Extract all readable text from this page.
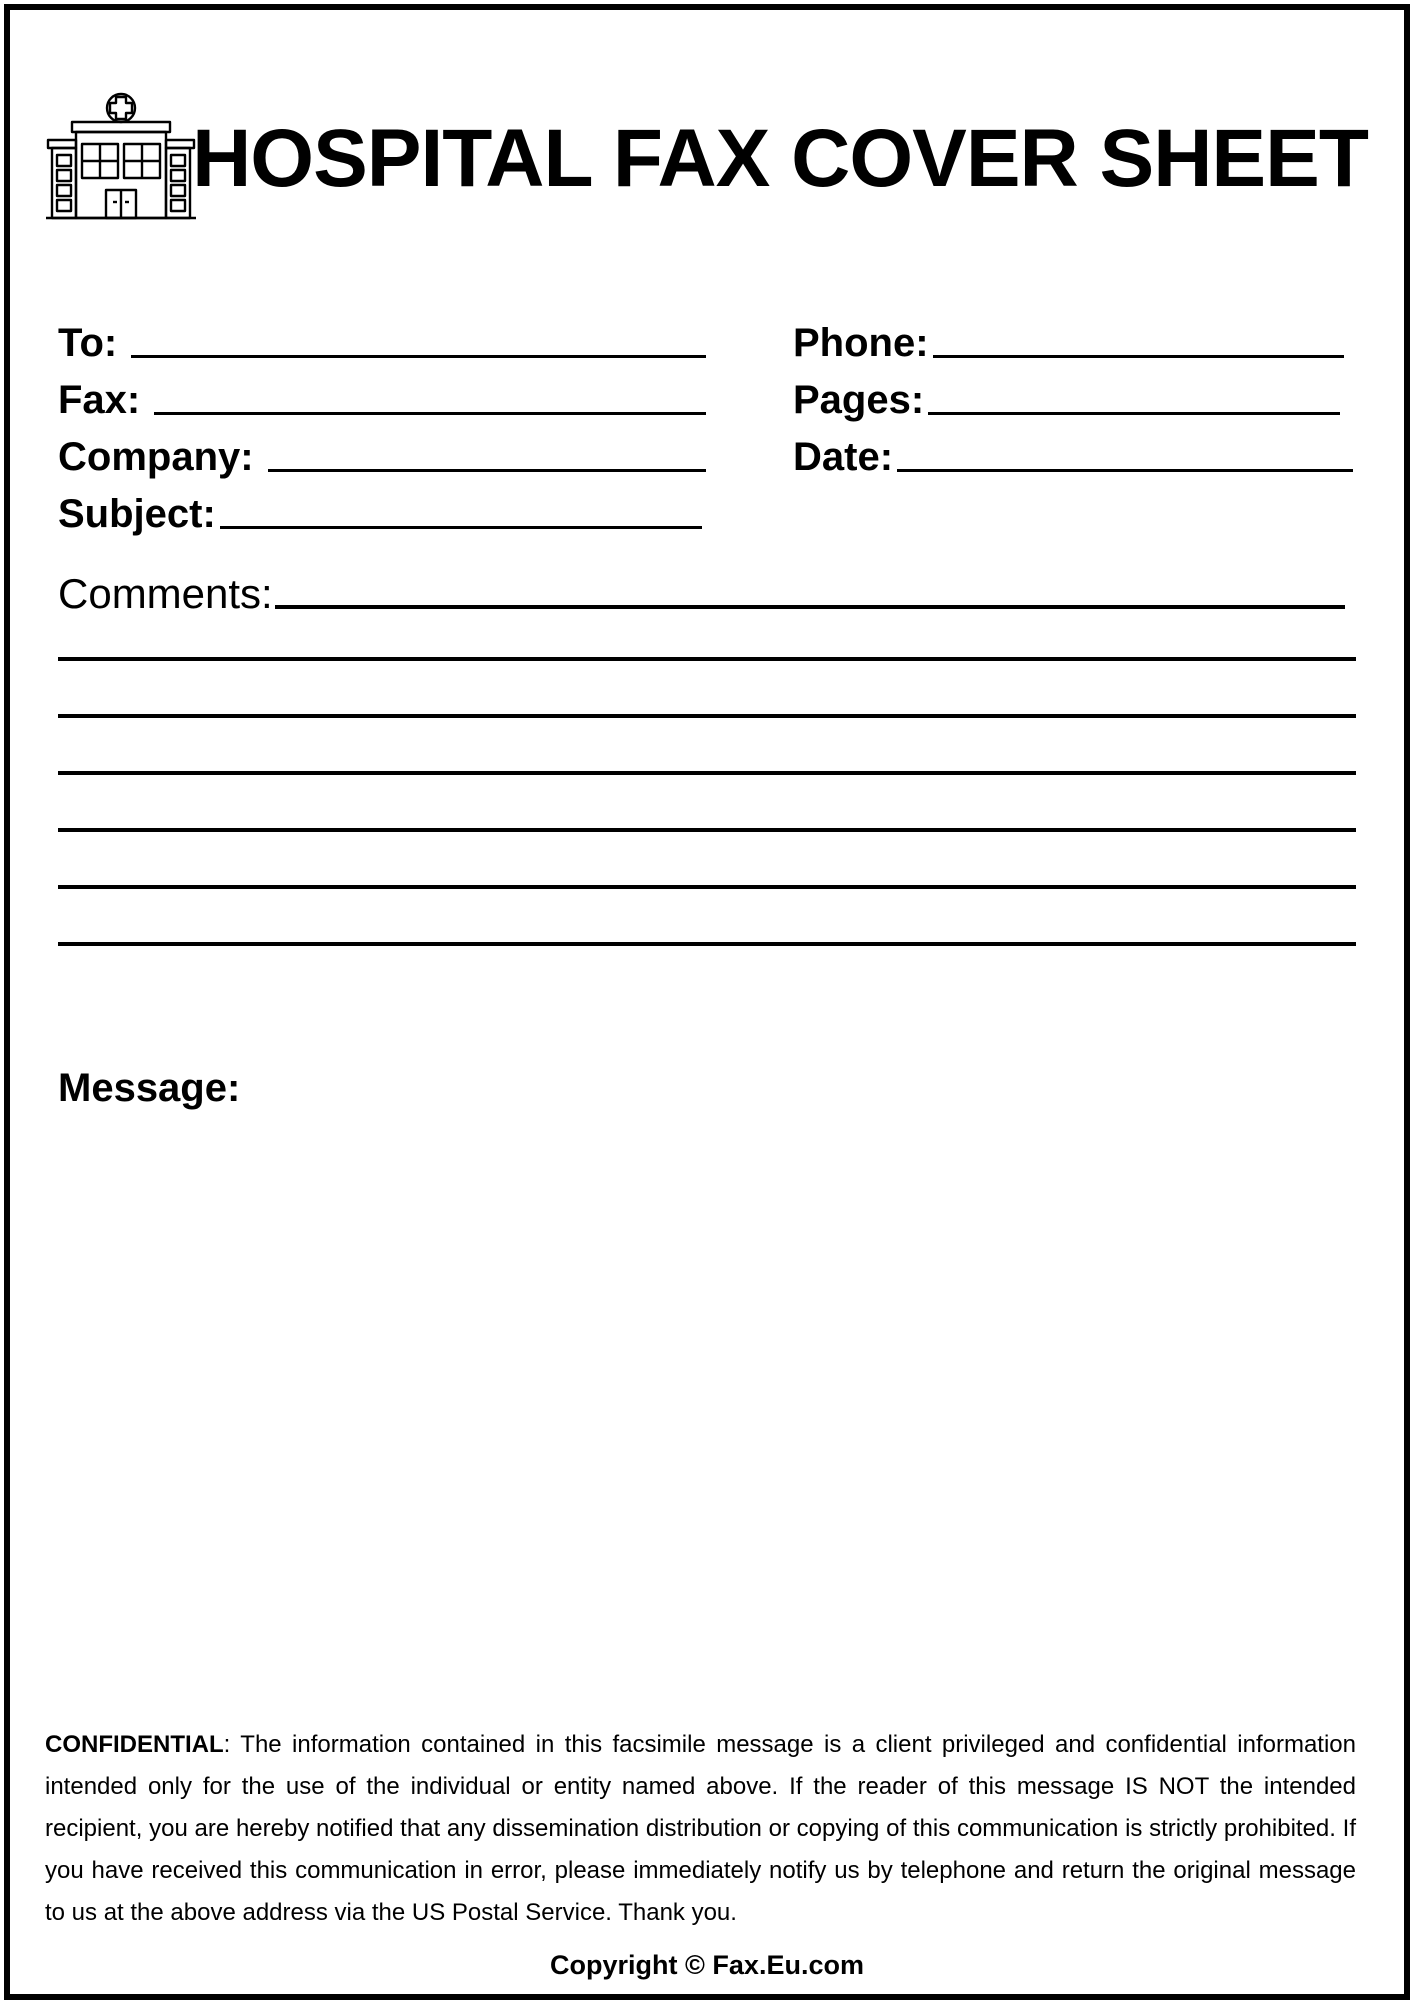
HOSPITAL FAX COVER SHEET
To:
Fax:
Company:
Subject:
Phone:
Pages:
Date:
Comments:
Message:
CONFIDENTIAL: The information contained in this facsimile message is a client privileged and confidential information intended only for the use of the individual or entity named above. If the reader of this message IS NOT the intended recipient, you are hereby notified that any dissemination distribution or copying of this communication is strictly prohibited. If you have received this communication in error, please immediately notify us by telephone and return the original message to us at the above address via the US Postal Service. Thank you.
Copyright © Fax.Eu.com
